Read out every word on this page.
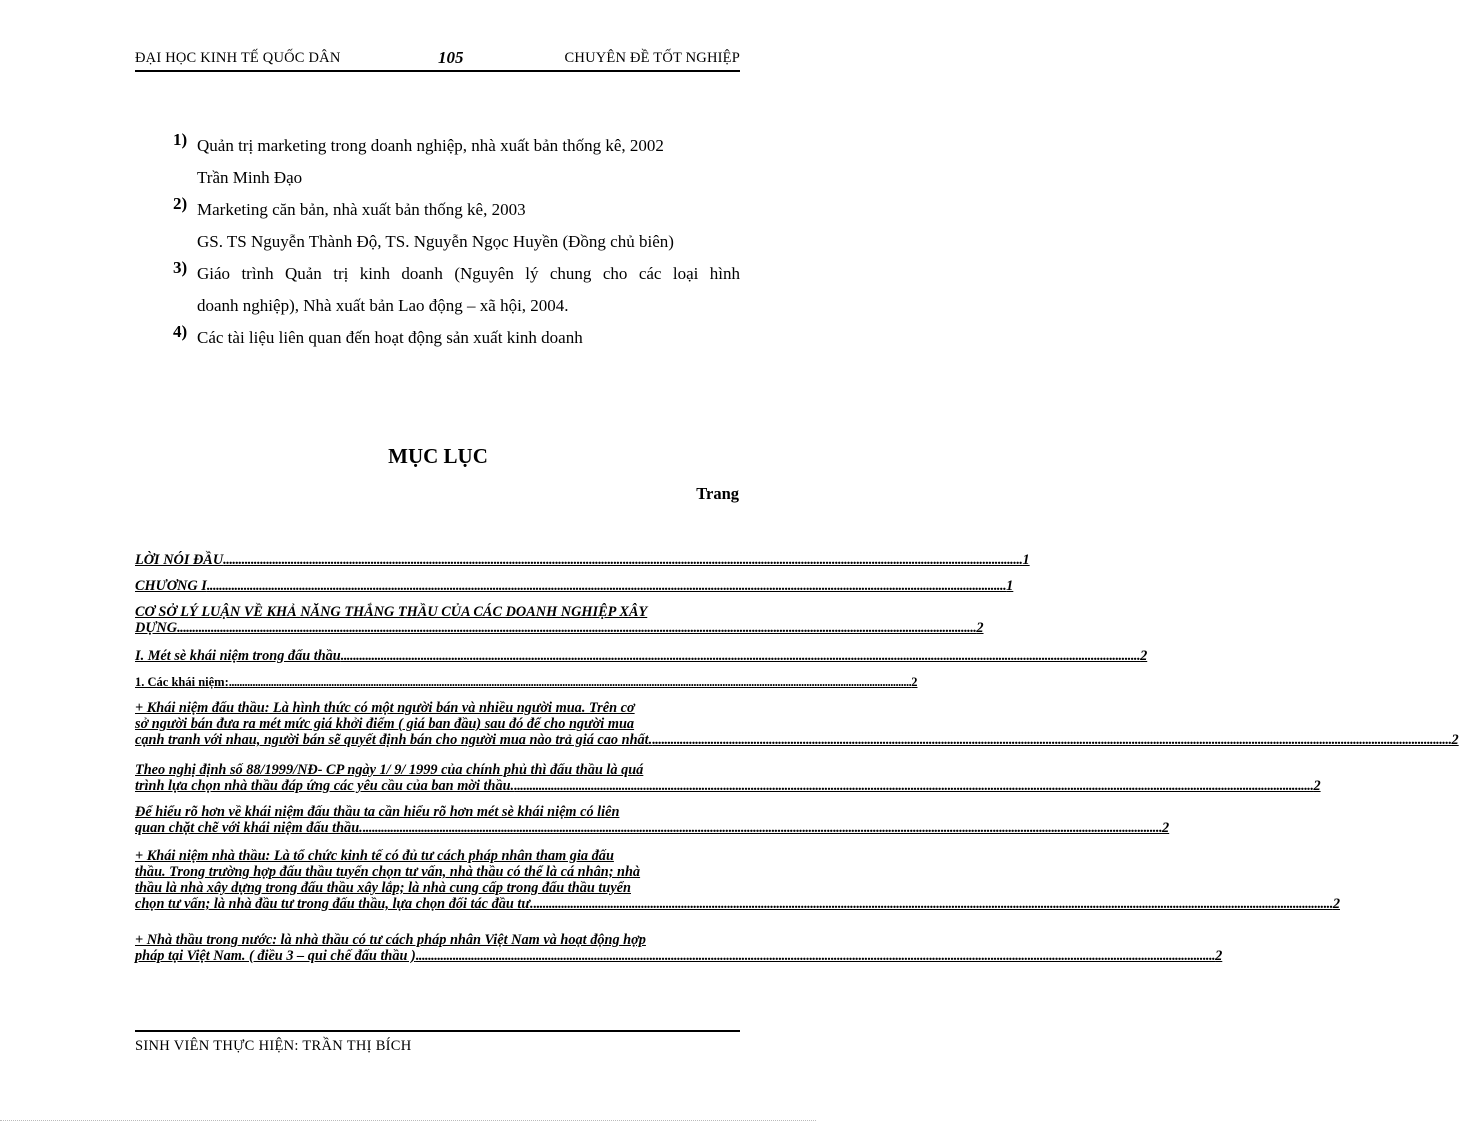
ĐẠI HỌC KINH TẾ QUỐC DÂN	105	CHUYÊN ĐỀ TỐT NGHIỆP
1) Quản trị marketing trong doanh nghiệp, nhà xuất bản thống kê, 2002
Trần Minh Đạo
2) Marketing căn bản, nhà xuất bản thống kê, 2003
GS. TS Nguyễn Thành Độ, TS. Nguyễn Ngọc Huyền (Đồng chủ biên)
3) Giáo trình Quản trị kinh doanh (Nguyên lý chung cho các loại hình
doanh nghiệp), Nhà xuất bản Lao động – xã hội, 2004.
4) Các tài liệu liên quan đến hoạt động sản xuất kinh doanh
MỤC LỤC
Trang
LỜI NÓI ĐẦU .................................................................................................................................................................................................................................................................... 1
CHƯƠNG I .................................................................................................................................................................................................................................................................... 1
CƠ SỞ LÝ LUẬN VỀ KHẢ NĂNG THẮNG THẦU CỦA CÁC DOANH NGHIỆP XÂY
DỰNG .................................................................................................................................................................................................................................................................... 2
I. Mét sè khái niệm trong đấu thầu .................................................................................................................................................................................................................................................................... 2
1. Các khái niệm: .................................................................................................................................................................................................................................................................... 2
+ Khái niệm đấu thầu: Là hình thức có một người bán và nhiều người mua. Trên cơ
sở người bán đưa ra mét mức giá khởi điểm ( giá ban đầu) sau đó để cho người mua
cạnh tranh với nhau, người bán sẽ quyết định bán cho người mua nào trả giá cao nhất. .................................................................................................................................................................................................................................................................... 2
Theo nghị định số 88/1999/NĐ- CP ngày 1/ 9/ 1999 của chính phủ thì đấu thầu là quá
trình lựa chọn nhà thầu đáp ứng các yêu cầu của ban mời thầu. .................................................................................................................................................................................................................................................................... 2
Để hiểu rõ hơn về khái niệm đấu thầu ta cần hiểu rõ hơn mét sè khái niệm có liên
quan chặt chẽ với khái niệm đấu thầu. .................................................................................................................................................................................................................................................................... 2
+ Khái niệm nhà thầu: Là tổ chức kinh tế có đủ tư cách pháp nhân tham gia đấu
thầu. Trong trường hợp đấu thầu tuyển chọn tư vấn, nhà thầu có thể là cá nhân; nhà
thầu là nhà xây dựng trong đấu thầu xây lắp; là nhà cung cấp trong đấu thầu tuyển
chọn tư vấn; là nhà đầu tư trong đấu thầu, lựa chọn đối tác đầu tư. .................................................................................................................................................................................................................................................................... 2
+ Nhà thầu trong nước: là nhà thầu có tư cách pháp nhân Việt Nam và hoạt động hợp
pháp tại Việt Nam. ( điều 3 – qui chế đấu thầu ) .................................................................................................................................................................................................................................................................... 2
SINH VIÊN THỰC HIỆN: TRẦN THỊ BÍCH
